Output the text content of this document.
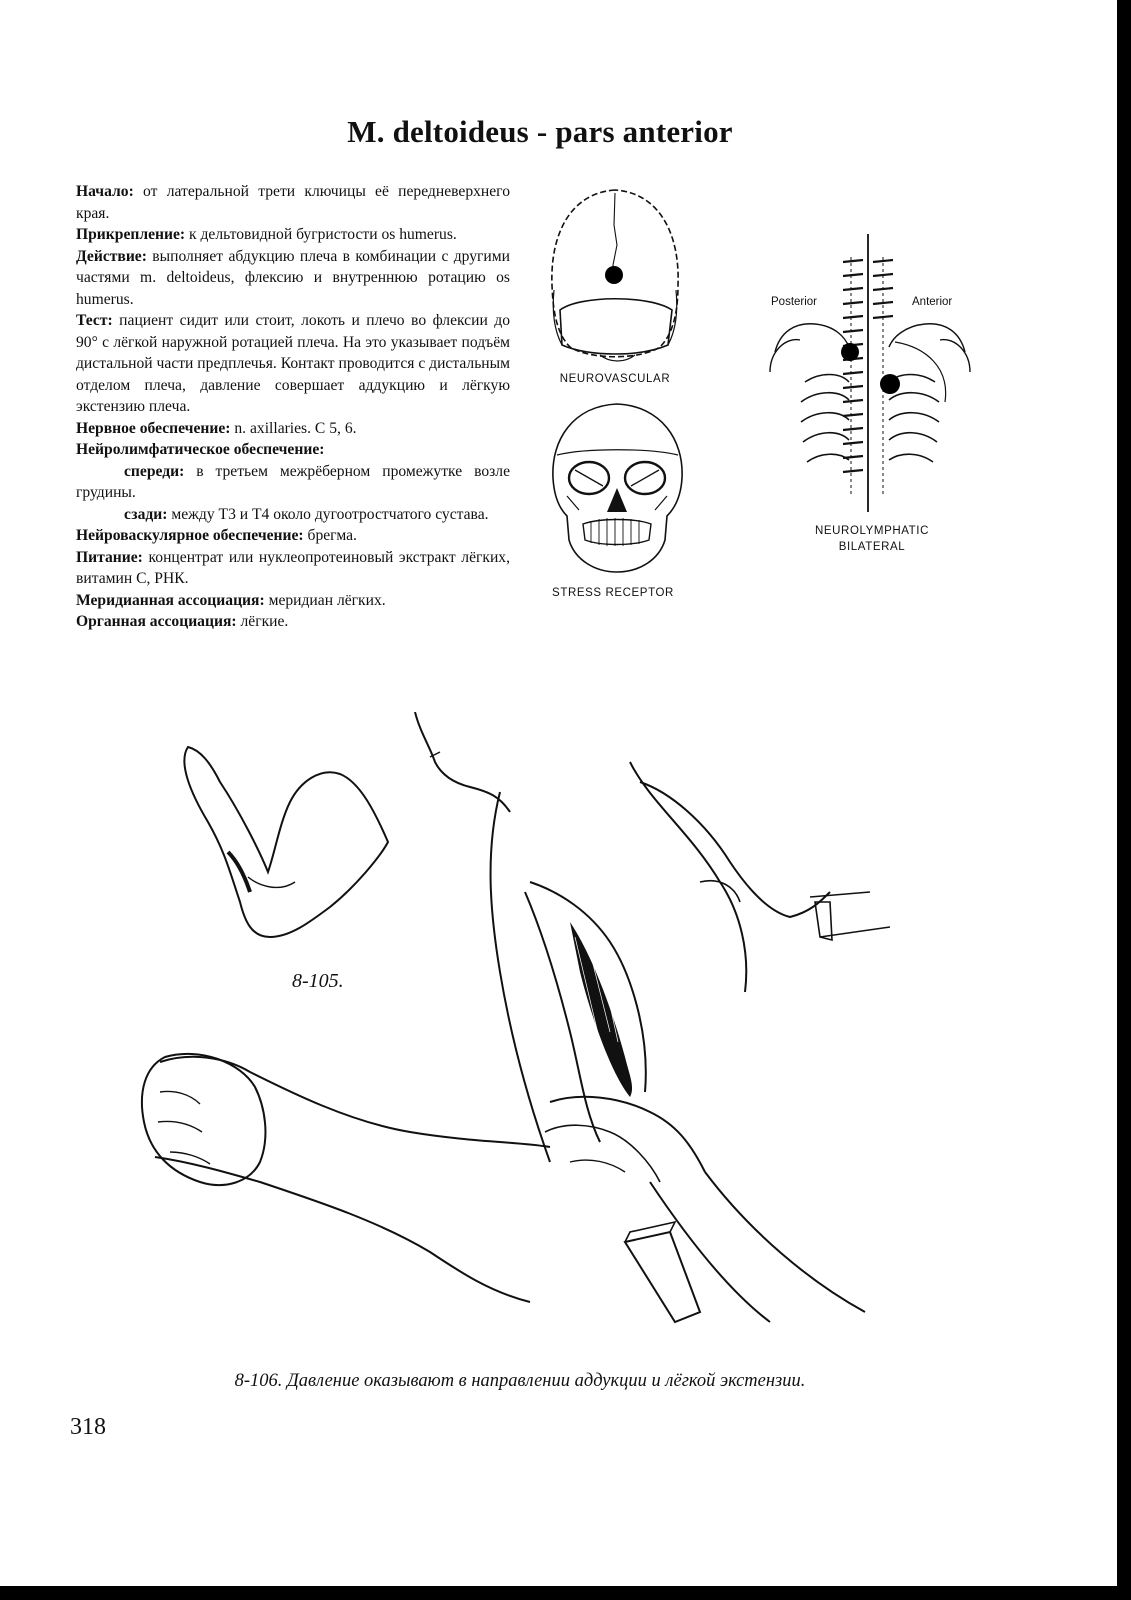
M. deltoideus - pars anterior

Начало: от латеральной трети ключицы её передневерхнего края.

Прикрепление: к дельтовидной бугристости os humerus.

Действие: выполняет абдукцию плеча в комбинации с другими частями m. deltoideus, флексию и внутреннюю ротацию os humerus.

Тест: пациент сидит или стоит, локоть и плечо во флексии до 90° с лёгкой наружной ротацией плеча. На это указывает подъём дистальной части предплечья. Контакт проводится с дистальным отделом плеча, давление совершает аддукцию и лёгкую экстензию плеча.

Нервное обеспечение: n. axillaries. С 5, 6.

Нейролимфатическое обеспечение:

спереди: в третьем межрёберном промежутке возле грудины.

сзади: между Т3 и Т4 около дугоотростчатого сустава.

Нейроваскулярное обеспечение: брегма.

Питание: концентрат или нуклеопротеиновый экстракт лёгких, витамин С, РНК.

Меридианная ассоциация: меридиан лёгких.

Органная ассоциация: лёгкие.

NEUROVASCULAR
STRESS RECEPTOR
Posterior	Anterior
NEUROLYMPHATIC
BILATERAL
8-105.
8-106. Давление оказывают в направлении аддукции и лёгкой экстензии.
318
